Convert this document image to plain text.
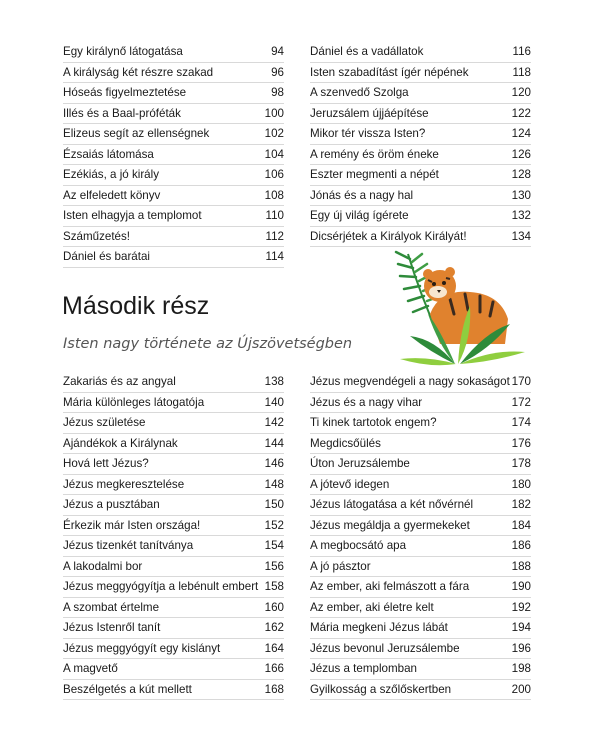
Egy királynő látogatása	94
A királyság két részre szakad	96
Hóseás figyelmeztetése	98
Illés és a Baal-próféták	100
Elizeus segít az ellenségnek	102
Ézsaiás látomása	104
Ezékiás, a jó király	106
Az elfeledett könyv	108
Isten elhagyja a templomot	110
Száműzetés!	112
Dániel és barátai	114
Dániel és a vadállatok	116
Isten szabadítást ígér népének	118
A szenvedő Szolga	120
Jeruzsálem újjáépítése	122
Mikor tér vissza Isten?	124
A remény és öröm éneke	126
Eszter megmenti a népét	128
Jónás és a nagy hal	130
Egy új világ ígérete	132
Dicsérjétek a Királyok Királyát!	134
Második rész
Isten nagy története az Újszövetségben
Zakariás és az angyal	138
Mária különleges látogatója	140
Jézus születése	142
Ajándékok a Királynak	144
Hová lett Jézus?	146
Jézus megkeresztelése	148
Jézus a pusztában	150
Érkezik már Isten országa!	152
Jézus tizenkét tanítványa	154
A lakodalmi bor	156
Jézus meggyógyítja a lebénult embert 158
A szombat értelme	160
Jézus Istenről tanít	162
Jézus meggyógyít egy kislányt	164
A magvető	166
Beszélgetés a kút mellett	168
Jézus megvendégeli a nagy sokaságot 170
Jézus és a nagy vihar	172
Ti kinek tartotok engem?	174
Megdicsőülés	176
Úton Jeruzsálembe	178
A jótevő idegen	180
Jézus látogatása a két nővérnél	182
Jézus megáldja a gyermekeket	184
A megbocsátó apa	186
A jó pásztor	188
Az ember, aki felmászott a fára	190
Az ember, aki életre kelt	192
Mária megkeni Jézus lábát	194
Jézus bevonul Jeruzsálembe	196
Jézus a templomban	198
Gyilkosság a szőlőskertben	200
